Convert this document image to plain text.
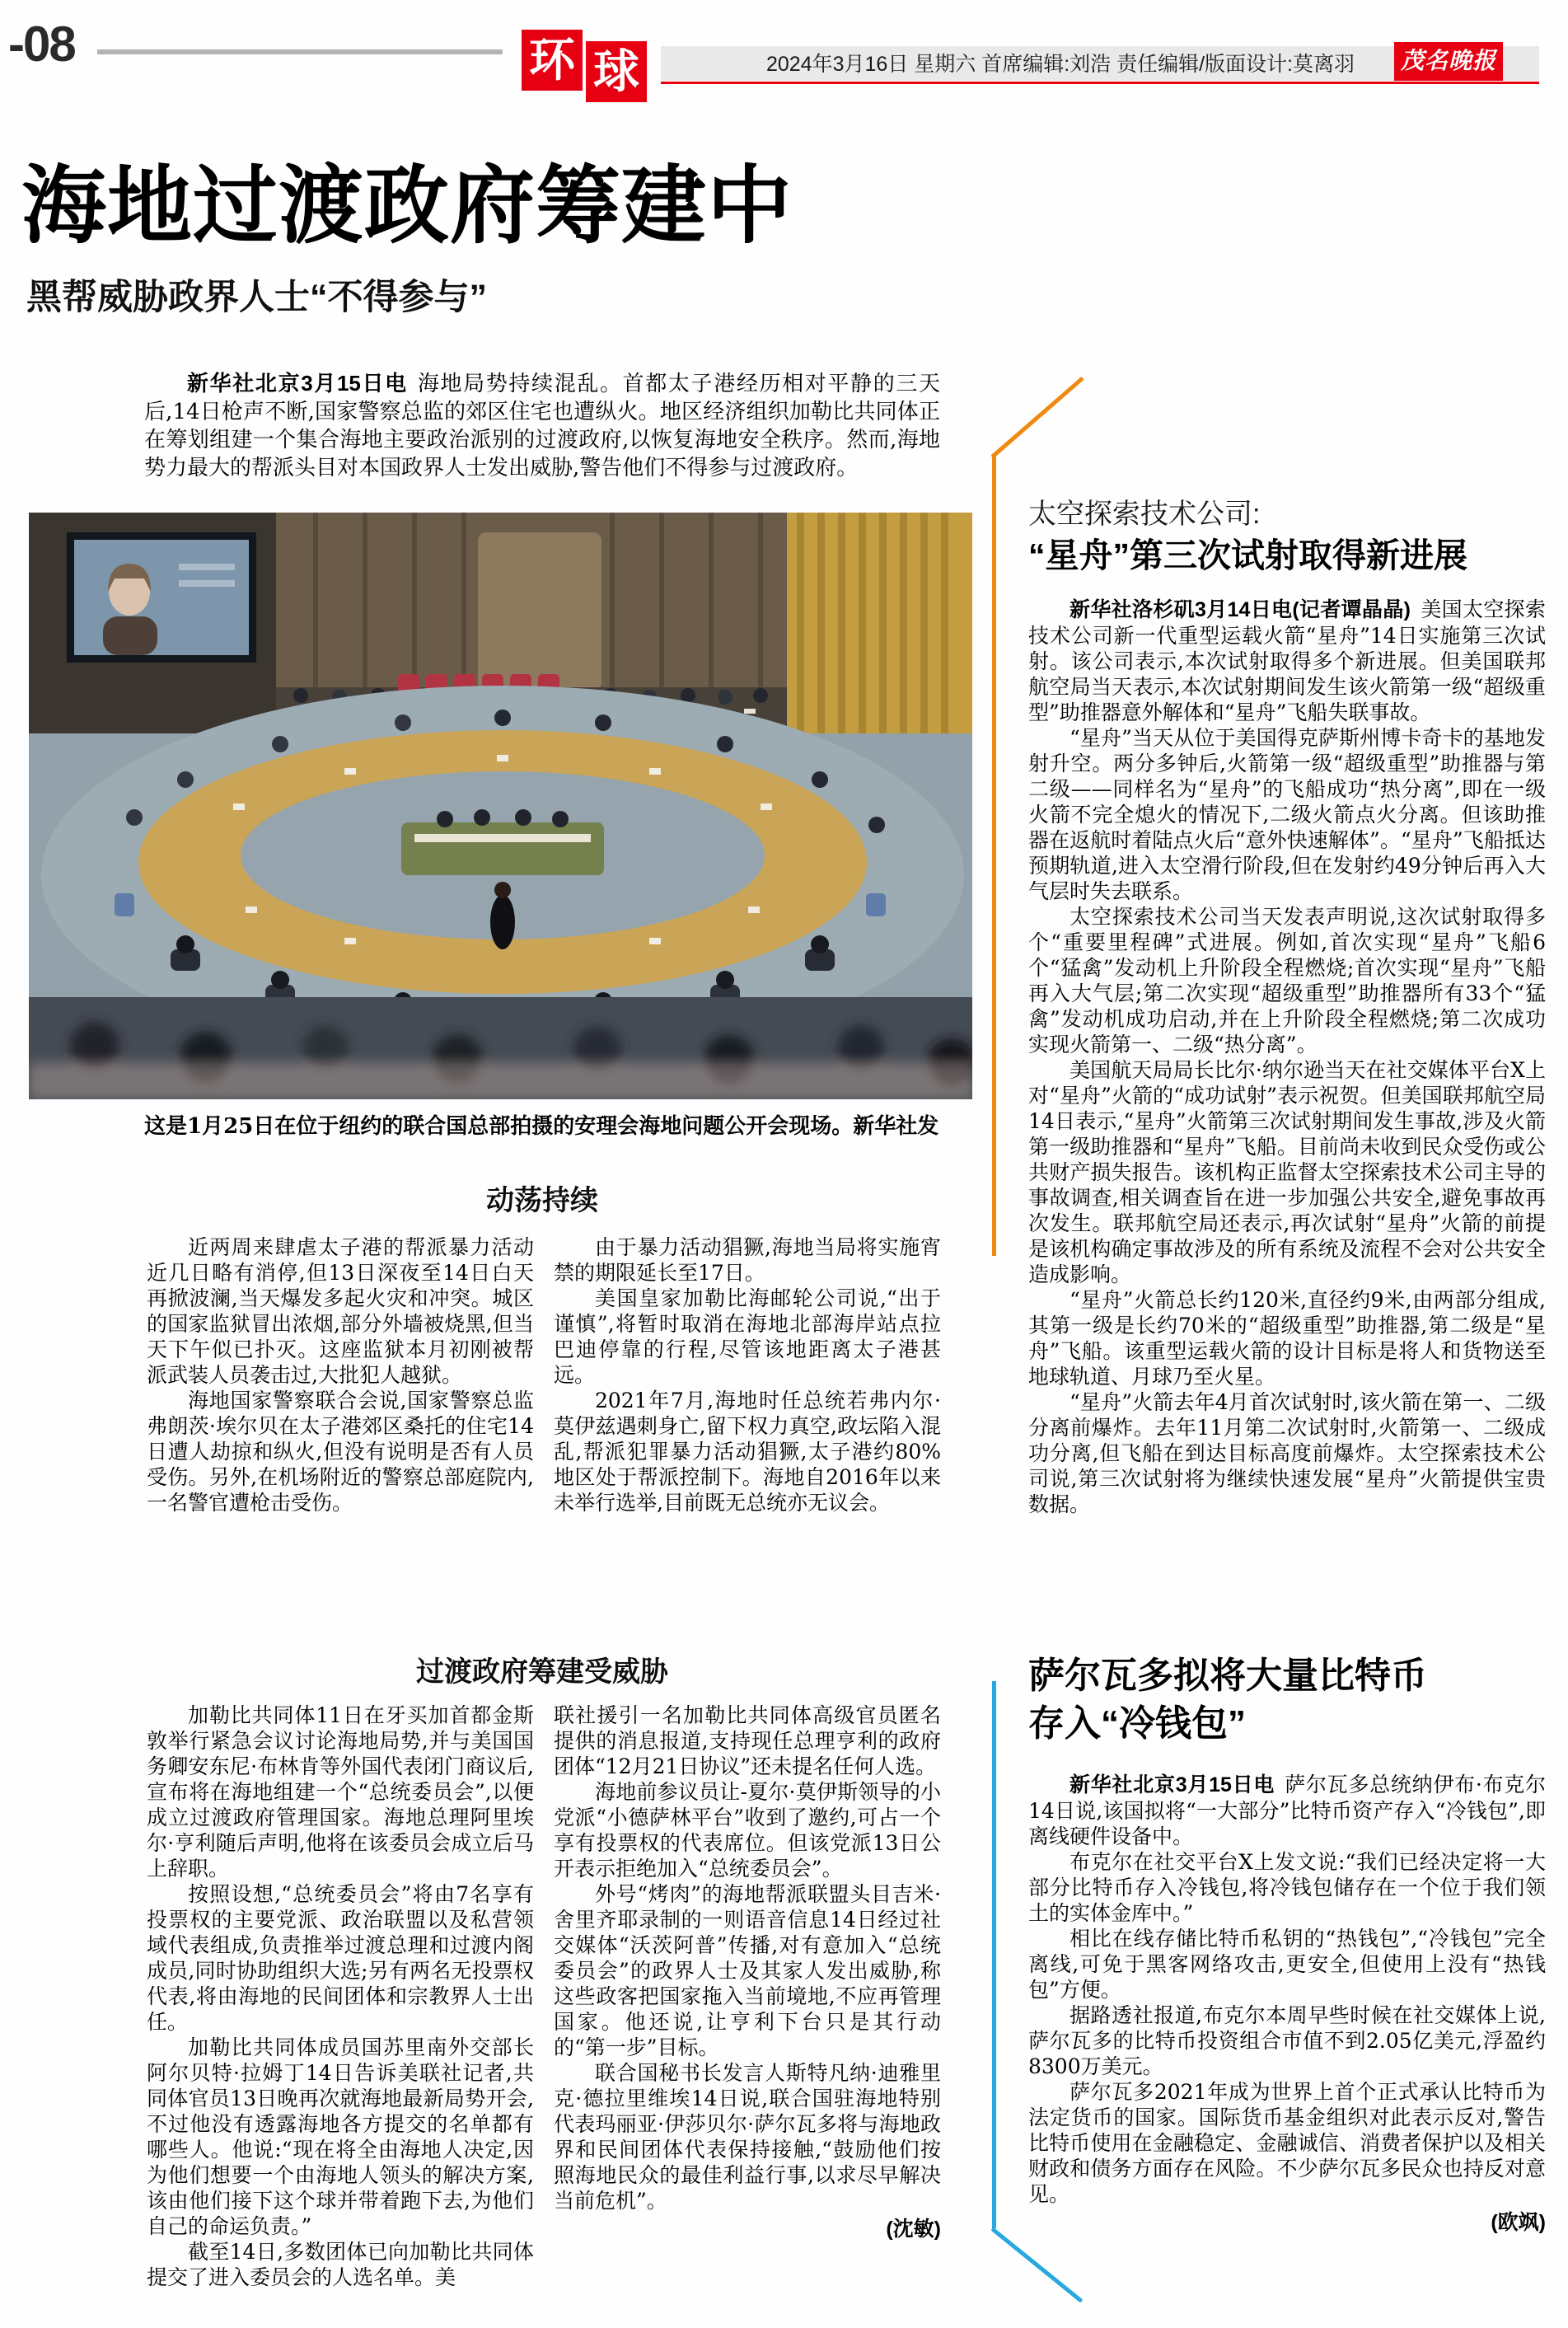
-08	环 球	2024年3月16日 星期六 首席编辑:刘浩 责任编辑/版面设计:莫离羽 茂名晚报
海地过渡政府筹建中
黑帮威胁政界人士“不得参与”

新华社北京3月15日电 海地局势持续混乱。首都太子港经历相对平静的三天后,14日枪声不断,国家警察总监的郊区住宅也遭纵火。地区经济组织加勒比共同体正在筹划组建一个集合海地主要政治派别的过渡政府,以恢复海地安全秩序。然而,海地势力最大的帮派头目对本国政界人士发出威胁,警告他们不得参与过渡政府。

这是1月25日在位于纽约的联合国总部拍摄的安理会海地问题公开会现场。新华社发
动荡持续

近两周来肆虐太子港的帮派暴力活动近几日略有消停,但13日深夜至14日白天再掀波澜,当天爆发多起火灾和冲突。城区的国家监狱冒出浓烟,部分外墙被烧黑,但当天下午似已扑灭。这座监狱本月初刚被帮派武装人员袭击过,大批犯人越狱。

海地国家警察联合会说,国家警察总监弗朗茨·埃尔贝在太子港郊区桑托的住宅14日遭人劫掠和纵火,但没有说明是否有人员受伤。另外,在机场附近的警察总部庭院内,一名警官遭枪击受伤。

由于暴力活动猖獗,海地当局将实施宵禁的期限延长至17日。

美国皇家加勒比海邮轮公司说,“出于谨慎”,将暂时取消在海地北部海岸站点拉巴迪停靠的行程,尽管该地距离太子港甚远。

2021年7月,海地时任总统若弗内尔·莫伊兹遇刺身亡,留下权力真空,政坛陷入混乱,帮派犯罪暴力活动猖獗,太子港约80%地区处于帮派控制下。海地自2016年以来未举行选举,目前既无总统亦无议会。

过渡政府筹建受威胁

加勒比共同体11日在牙买加首都金斯敦举行紧急会议讨论海地局势,并与美国国务卿安东尼·布林肯等外国代表闭门商议后,宣布将在海地组建一个“总统委员会”,以便成立过渡政府管理国家。海地总理阿里埃尔·亨利随后声明,他将在该委员会成立后马上辞职。

按照设想,“总统委员会”将由7名享有投票权的主要党派、政治联盟以及私营领域代表组成,负责推举过渡总理和过渡内阁成员,同时协助组织大选;另有两名无投票权代表,将由海地的民间团体和宗教界人士出任。

加勒比共同体成员国苏里南外交部长阿尔贝特·拉姆丁14日告诉美联社记者,共同体官员13日晚再次就海地最新局势开会,不过他没有透露海地各方提交的名单都有哪些人。他说:“现在将全由海地人决定,因为他们想要一个由海地人领头的解决方案,该由他们接下这个球并带着跑下去,为他们自己的命运负责。”

截至14日,多数团体已向加勒比共同体提交了进入委员会的人选名单。美

联社援引一名加勒比共同体高级官员匿名提供的消息报道,支持现任总理亨利的政府团体“12月21日协议”还未提名任何人选。

海地前参议员让-夏尔·莫伊斯领导的小党派“小德萨林平台”收到了邀约,可占一个享有投票权的代表席位。但该党派13日公开表示拒绝加入“总统委员会”。

外号“烤肉”的海地帮派联盟头目吉米·舍里齐耶录制的一则语音信息14日经过社交媒体“沃茨阿普”传播,对有意加入“总统委员会”的政界人士及其家人发出威胁,称这些政客把国家拖入当前境地,不应再管理国家。他还说,让亨利下台只是其行动的“第一步”目标。

联合国秘书长发言人斯特凡纳·迪雅里克·德拉里维埃14日说,联合国驻海地特别代表玛丽亚·伊莎贝尔·萨尔瓦多将与海地政界和民间团体代表保持接触,“鼓励他们按照海地民众的最佳利益行事,以求尽早解决当前危机”。

(沈敏)

太空探索技术公司:
“星舟”第三次试射取得新进展

新华社洛杉矶3月14日电(记者谭晶晶) 美国太空探索技术公司新一代重型运载火箭“星舟”14日实施第三次试射。该公司表示,本次试射取得多个新进展。但美国联邦航空局当天表示,本次试射期间发生该火箭第一级“超级重型”助推器意外解体和“星舟”飞船失联事故。

“星舟”当天从位于美国得克萨斯州博卡奇卡的基地发射升空。两分多钟后,火箭第一级“超级重型”助推器与第二级——同样名为“星舟”的飞船成功“热分离”,即在一级火箭不完全熄火的情况下,二级火箭点火分离。但该助推器在返航时着陆点火后“意外快速解体”。“星舟”飞船抵达预期轨道,进入太空滑行阶段,但在发射约49分钟后再入大气层时失去联系。

太空探索技术公司当天发表声明说,这次试射取得多个“重要里程碑”式进展。例如,首次实现“星舟”飞船6个“猛禽”发动机上升阶段全程燃烧;首次实现“星舟”飞船再入大气层;第二次实现“超级重型”助推器所有33个“猛禽”发动机成功启动,并在上升阶段全程燃烧;第二次成功实现火箭第一、二级“热分离”。

美国航天局局长比尔·纳尔逊当天在社交媒体平台X上对“星舟”火箭的“成功试射”表示祝贺。但美国联邦航空局14日表示,“星舟”火箭第三次试射期间发生事故,涉及火箭第一级助推器和“星舟”飞船。目前尚未收到民众受伤或公共财产损失报告。该机构正监督太空探索技术公司主导的事故调查,相关调查旨在进一步加强公共安全,避免事故再次发生。联邦航空局还表示,再次试射“星舟”火箭的前提是该机构确定事故涉及的所有系统及流程不会对公共安全造成影响。

“星舟”火箭总长约120米,直径约9米,由两部分组成,其第一级是长约70米的“超级重型”助推器,第二级是“星舟”飞船。该重型运载火箭的设计目标是将人和货物送至地球轨道、月球乃至火星。

“星舟”火箭去年4月首次试射时,该火箭在第一、二级分离前爆炸。去年11月第二次试射时,火箭第一、二级成功分离,但飞船在到达目标高度前爆炸。太空探索技术公司说,第三次试射将为继续快速发展“星舟”火箭提供宝贵数据。

萨尔瓦多拟将大量比特币
存入“冷钱包”

新华社北京3月15日电 萨尔瓦多总统纳伊布·布克尔14日说,该国拟将“一大部分”比特币资产存入“冷钱包”,即离线硬件设备中。

布克尔在社交平台X上发文说:“我们已经决定将一大部分比特币存入冷钱包,将冷钱包储存在一个位于我们领土的实体金库中。”

相比在线存储比特币私钥的“热钱包”,“冷钱包”完全离线,可免于黑客网络攻击,更安全,但使用上没有“热钱包”方便。

据路透社报道,布克尔本周早些时候在社交媒体上说,萨尔瓦多的比特币投资组合市值不到2.05亿美元,浮盈约8300万美元。

萨尔瓦多2021年成为世界上首个正式承认比特币为法定货币的国家。国际货币基金组织对此表示反对,警告比特币使用在金融稳定、金融诚信、消费者保护以及相关财政和债务方面存在风险。不少萨尔瓦多民众也持反对意见。

(欧飒)
